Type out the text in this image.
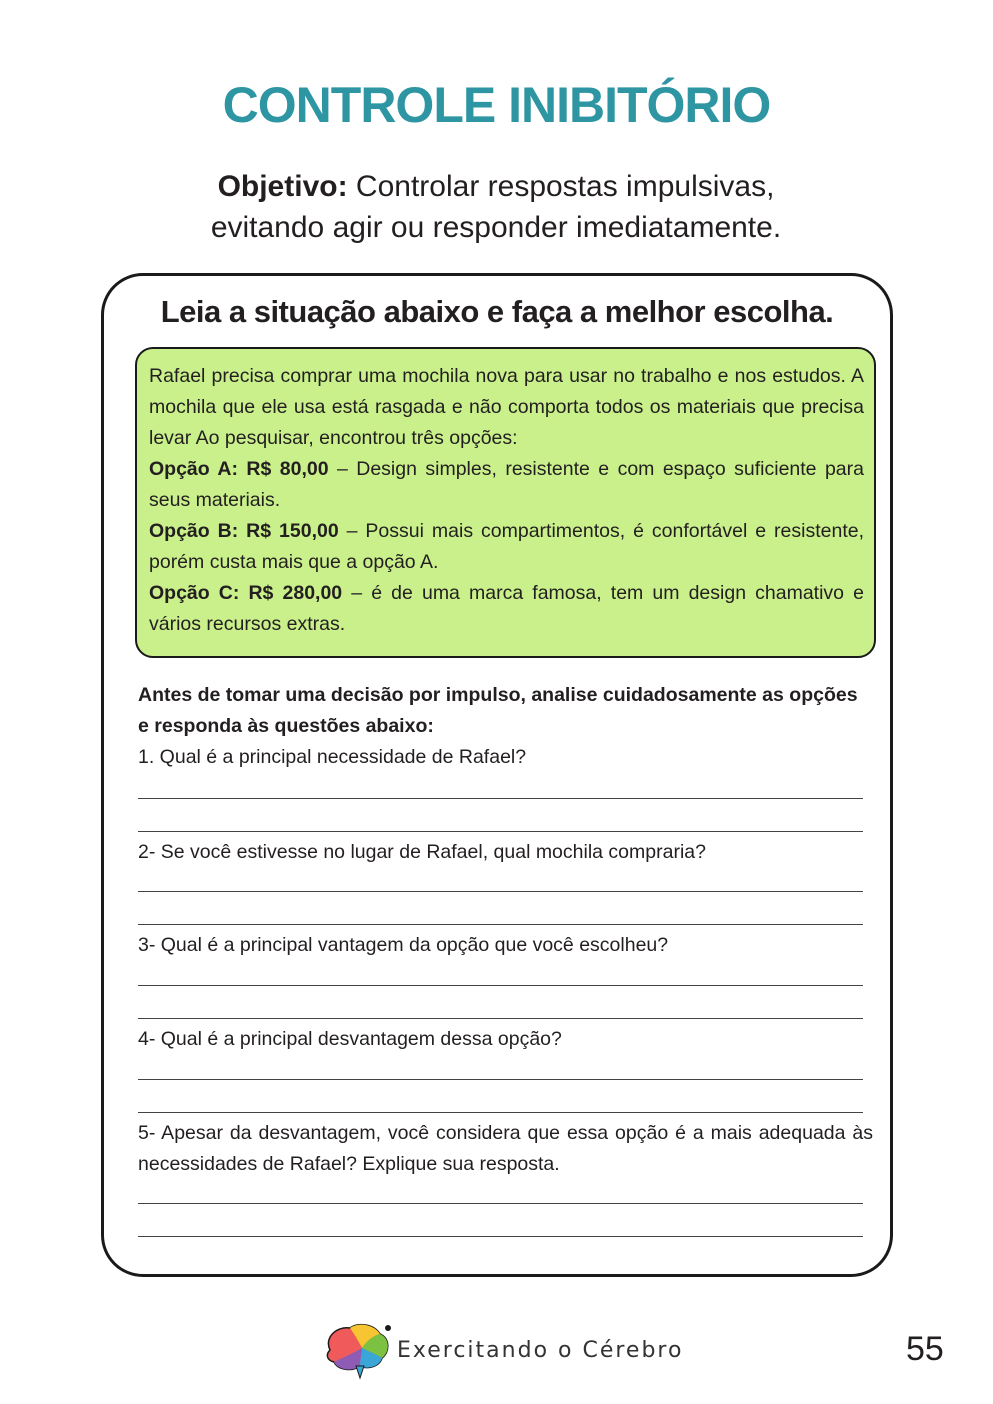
CONTROLE INIBITÓRIO
Objetivo: Controlar respostas impulsivas,
evitando agir ou responder imediatamente.
Leia a situação abaixo e faça a melhor escolha.

Rafael precisa comprar uma mochila nova para usar no trabalho e nos estudos. A mochila que ele usa está rasgada e não comporta todos os materiais que precisa levar Ao pesquisar, encontrou três opções:

Opção A: R$ 80,00 – Design simples, resistente e com espaço suficiente para seus materiais.

Opção B: R$ 150,00 – Possui mais compartimentos, é confortável e resistente, porém custa mais que a opção A.

Opção C: R$ 280,00 – é de uma marca famosa, tem um design chamativo e vários recursos extras.

Antes de tomar uma decisão por impulso, analise cuidadosamente as opções e responda às questões abaixo:
1. Qual é a principal necessidade de Rafael?
2- Se você estivesse no lugar de Rafael, qual mochila compraria?
3- Qual é a principal vantagem da opção que você escolheu?
4- Qual é a principal desvantagem dessa opção?
5- Apesar da desvantagem, você considera que essa opção é a mais adequada às necessidades de Rafael? Explique sua resposta.
Exercitando o Cérebro	55
